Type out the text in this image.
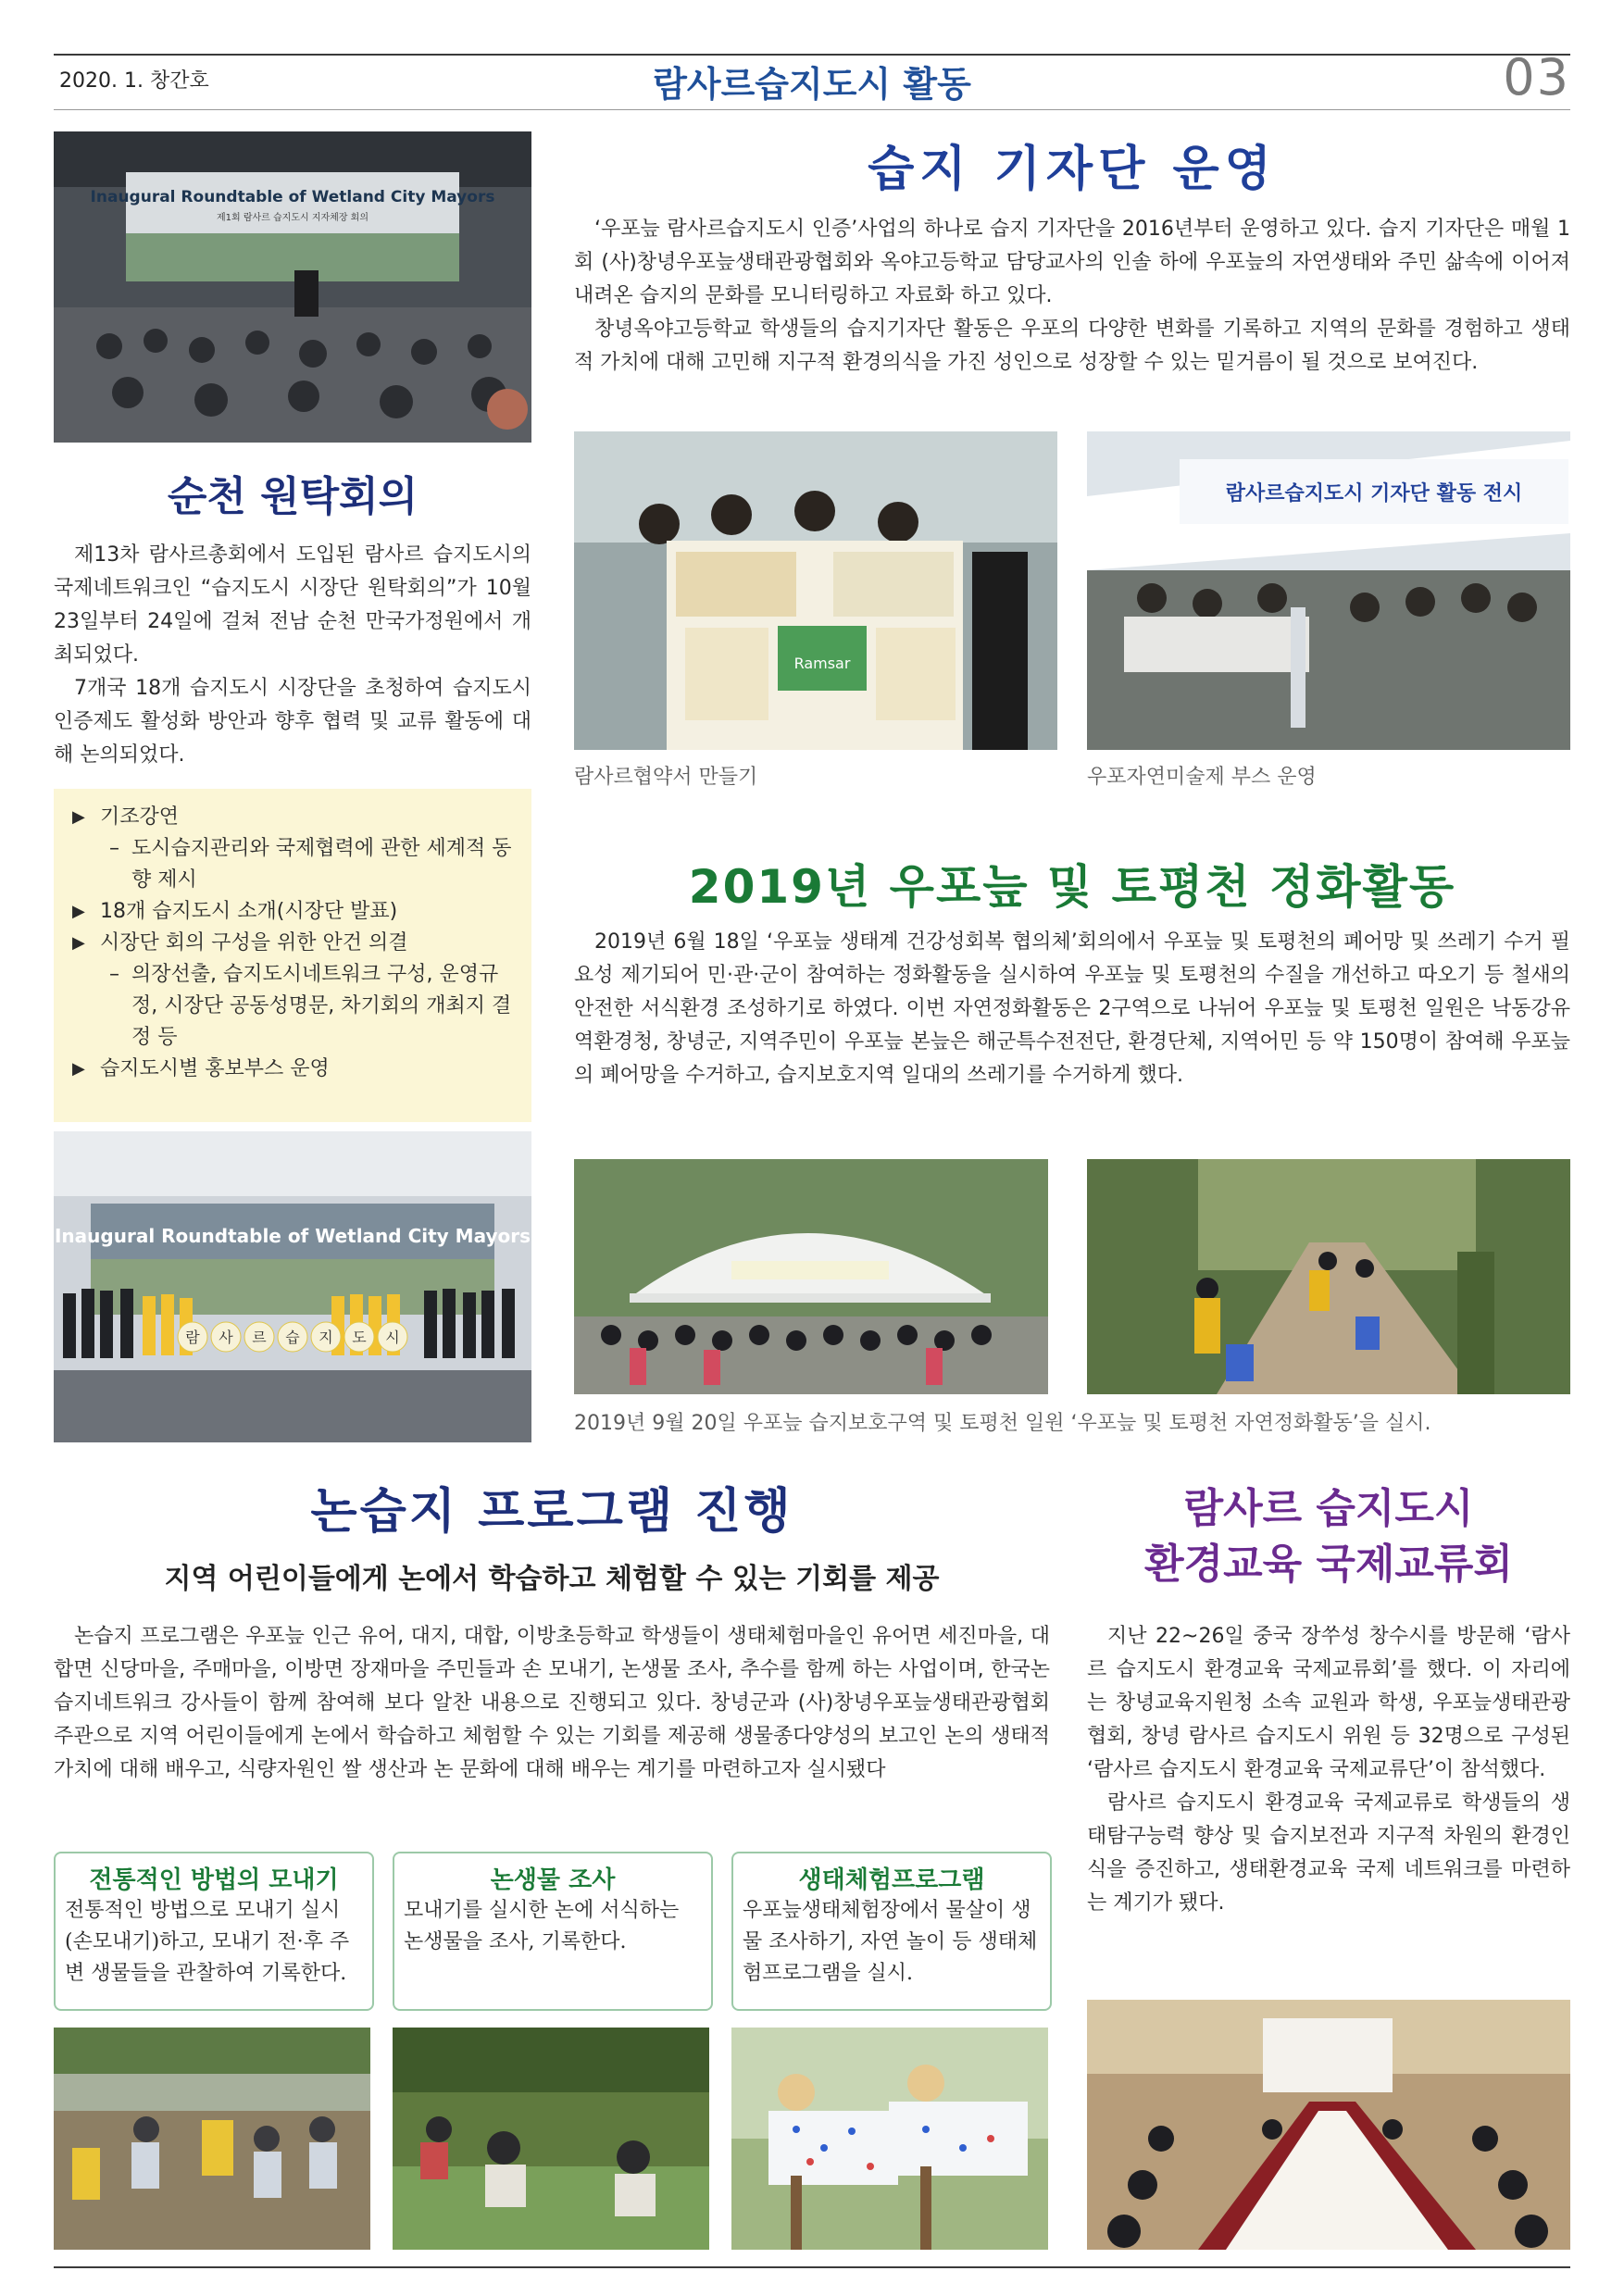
2020. 1. 창간호	람사르습지도시 활동	03
Inaugural Roundtable of Wetland City Mayors
제1회 람사르 습지도시 지자체장 회의
순천 원탁회의

제13차 람사르총회에서 도입된 람사르 습지도시의 국제네트워크인 “습지도시 시장단 원탁회의”가 10월 23일부터 24일에 걸쳐 전남 순천 만국가정원에서 개최되었다.

7개국 18개 습지도시 시장단을 초청하여 습지도시 인증제도 활성화 방안과 향후 협력 및 교류 활동에 대해 논의되었다.

▶ 기조강연
– 도시습지관리와 국제협력에 관한 세계적 동향 제시
▶ 18개 습지도시 소개(시장단 발표)
▶ 시장단 회의 구성을 위한 안건 의결
– 의장선출, 습지도시네트워크 구성, 운영규정, 시장단 공동성명문, 차기회의 개최지 결정 등
▶ 습지도시별 홍보부스 운영
Inaugural Roundtable of Wetland City Mayors
람 사 르 습 지 도 시
습지 기자단 운영

‘우포늪 람사르습지도시 인증’사업의 하나로 습지 기자단을 2016년부터 운영하고 있다. 습지 기자단은 매월 1회 (사)창녕우포늪생태관광협회와 옥야고등학교 담당교사의 인솔 하에 우포늪의 자연생태와 주민 삶속에 이어져 내려온 습지의 문화를 모니터링하고 자료화 하고 있다.

창녕옥야고등학교 학생들의 습지기자단 활동은 우포의 다양한 변화를 기록하고 지역의 문화를 경험하고 생태적 가치에 대해 고민해 지구적 환경의식을 가진 성인으로 성장할 수 있는 밑거름이 될 것으로 보여진다.

Ramsar
람사르협약서 만들기
람사르습지도시 기자단 활동 전시
우포자연미술제 부스 운영
2019년 우포늪 및 토평천 정화활동

2019년 6월 18일 ‘우포늪 생태계 건강성회복 협의체’회의에서 우포늪 및 토평천의 폐어망 및 쓰레기 수거 필요성 제기되어 민·관·군이 참여하는 정화활동을 실시하여 우포늪 및 토평천의 수질을 개선하고 따오기 등 철새의 안전한 서식환경 조성하기로 하였다. 이번 자연정화활동은 2구역으로 나뉘어 우포늪 및 토평천 일원은 낙동강유역환경청, 창녕군, 지역주민이 우포늪 본늪은 해군특수전전단, 환경단체, 지역어민 등 약 150명이 참여해 우포늪의 폐어망을 수거하고, 습지보호지역 일대의 쓰레기를 수거하게 했다.

2019년 9월 20일 우포늪 습지보호구역 및 토평천 일원 ‘우포늪 및 토평천 자연정화활동’을 실시.
논습지 프로그램 진행
지역 어린이들에게 논에서 학습하고 체험할 수 있는 기회를 제공

논습지 프로그램은 우포늪 인근 유어, 대지, 대합, 이방초등학교 학생들이 생태체험마을인 유어면 세진마을, 대합면 신당마을, 주매마을, 이방면 장재마을 주민들과 손 모내기, 논생물 조사, 추수를 함께 하는 사업이며, 한국논습지네트워크 강사들이 함께 참여해 보다 알찬 내용으로 진행되고 있다. 창녕군과 (사)창녕우포늪생태관광협회 주관으로 지역 어린이들에게 논에서 학습하고 체험할 수 있는 기회를 제공해 생물종다양성의 보고인 논의 생태적 가치에 대해 배우고, 식량자원인 쌀 생산과 논 문화에 대해 배우는 계기를 마련하고자 실시됐다

전통적인 방법의 모내기
전통적인 방법으로 모내기 실시(손모내기)하고, 모내기 전·후 주변 생물들을 관찰하여 기록한다.
논생물 조사
모내기를 실시한 논에 서식하는 논생물을 조사, 기록한다.
생태체험프로그램
우포늪생태체험장에서 물살이 생물 조사하기, 자연 놀이 등 생태체험프로그램을 실시.
람사르 습지도시
환경교육 국제교류회

지난 22~26일 중국 장쑤성 창수시를 방문해 ‘람사르 습지도시 환경교육 국제교류회’를 했다. 이 자리에는 창녕교육지원청 소속 교원과 학생, 우포늪생태관광협회, 창녕 람사르 습지도시 위원 등 32명으로 구성된 ‘람사르 습지도시 환경교육 국제교류단’이 참석했다.

람사르 습지도시 환경교육 국제교류로 학생들의 생태탐구능력 향상 및 습지보전과 지구적 차원의 환경인식을 증진하고, 생태환경교육 국제 네트워크를 마련하는 계기가 됐다.
